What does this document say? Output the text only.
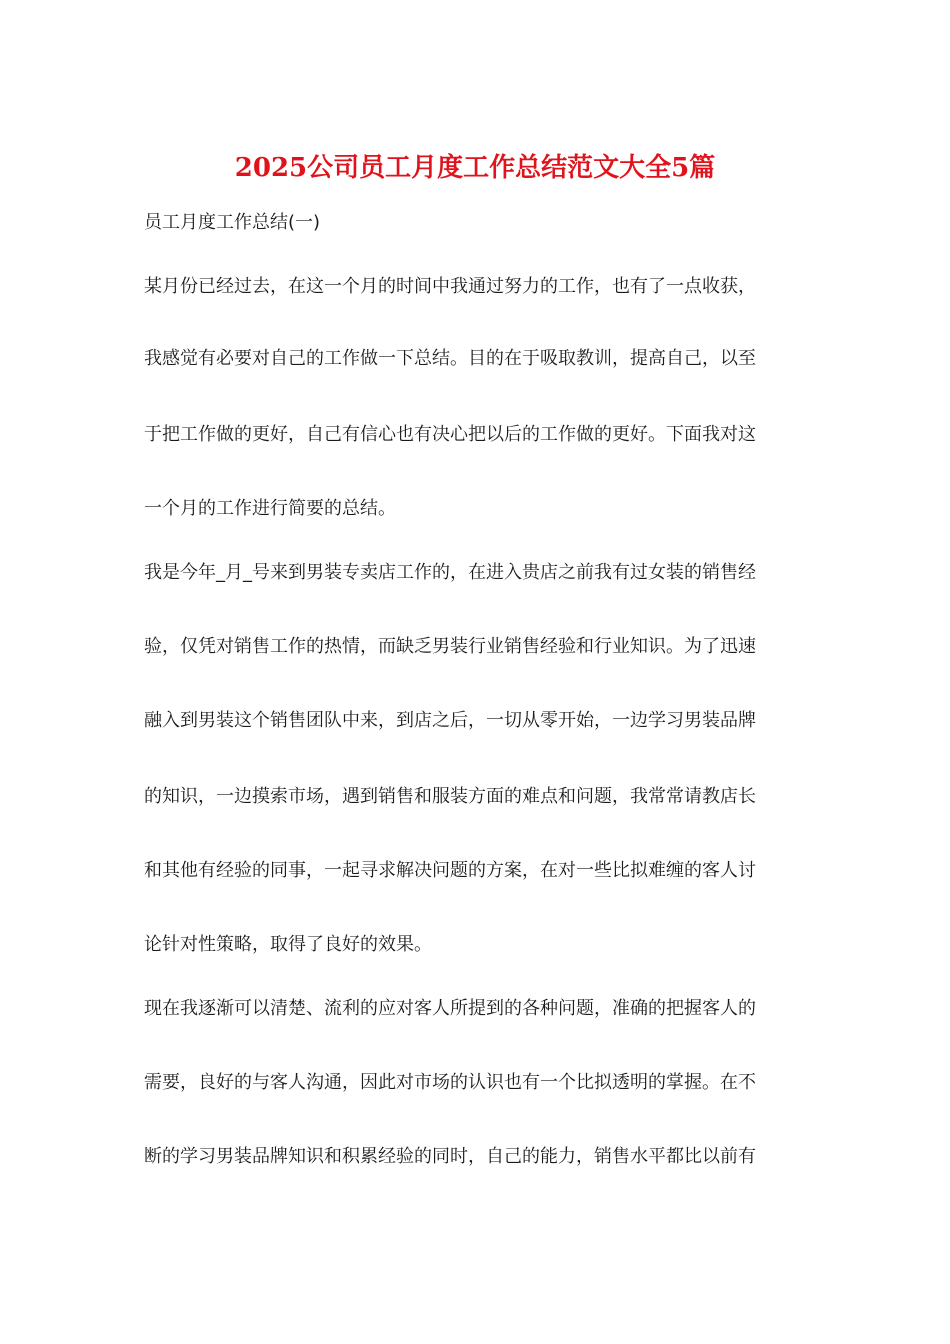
2025公司员工月度工作总结范文大全5篇

员工月度工作总结(一)

某月份已经过去，在这一个月的时间中我通过努力的工作，也有了一点收获，

我感觉有必要对自己的工作做一下总结。目的在于吸取教训，提高自己，以至

于把工作做的更好，自己有信心也有决心把以后的工作做的更好。下面我对这

一个月的工作进行简要的总结。

我是今年_月_号来到男装专卖店工作的，在进入贵店之前我有过女装的销售经

验，仅凭对销售工作的热情，而缺乏男装行业销售经验和行业知识。为了迅速

融入到男装这个销售团队中来，到店之后，一切从零开始，一边学习男装品牌

的知识，一边摸索市场，遇到销售和服装方面的难点和问题，我常常请教店长

和其他有经验的同事，一起寻求解决问题的方案，在对一些比拟难缠的客人讨

论针对性策略，取得了良好的效果。

现在我逐渐可以清楚、流利的应对客人所提到的各种问题，准确的把握客人的

需要，良好的与客人沟通，因此对市场的认识也有一个比拟透明的掌握。在不

断的学习男装品牌知识和积累经验的同时，自己的能力，销售水平都比以前有
